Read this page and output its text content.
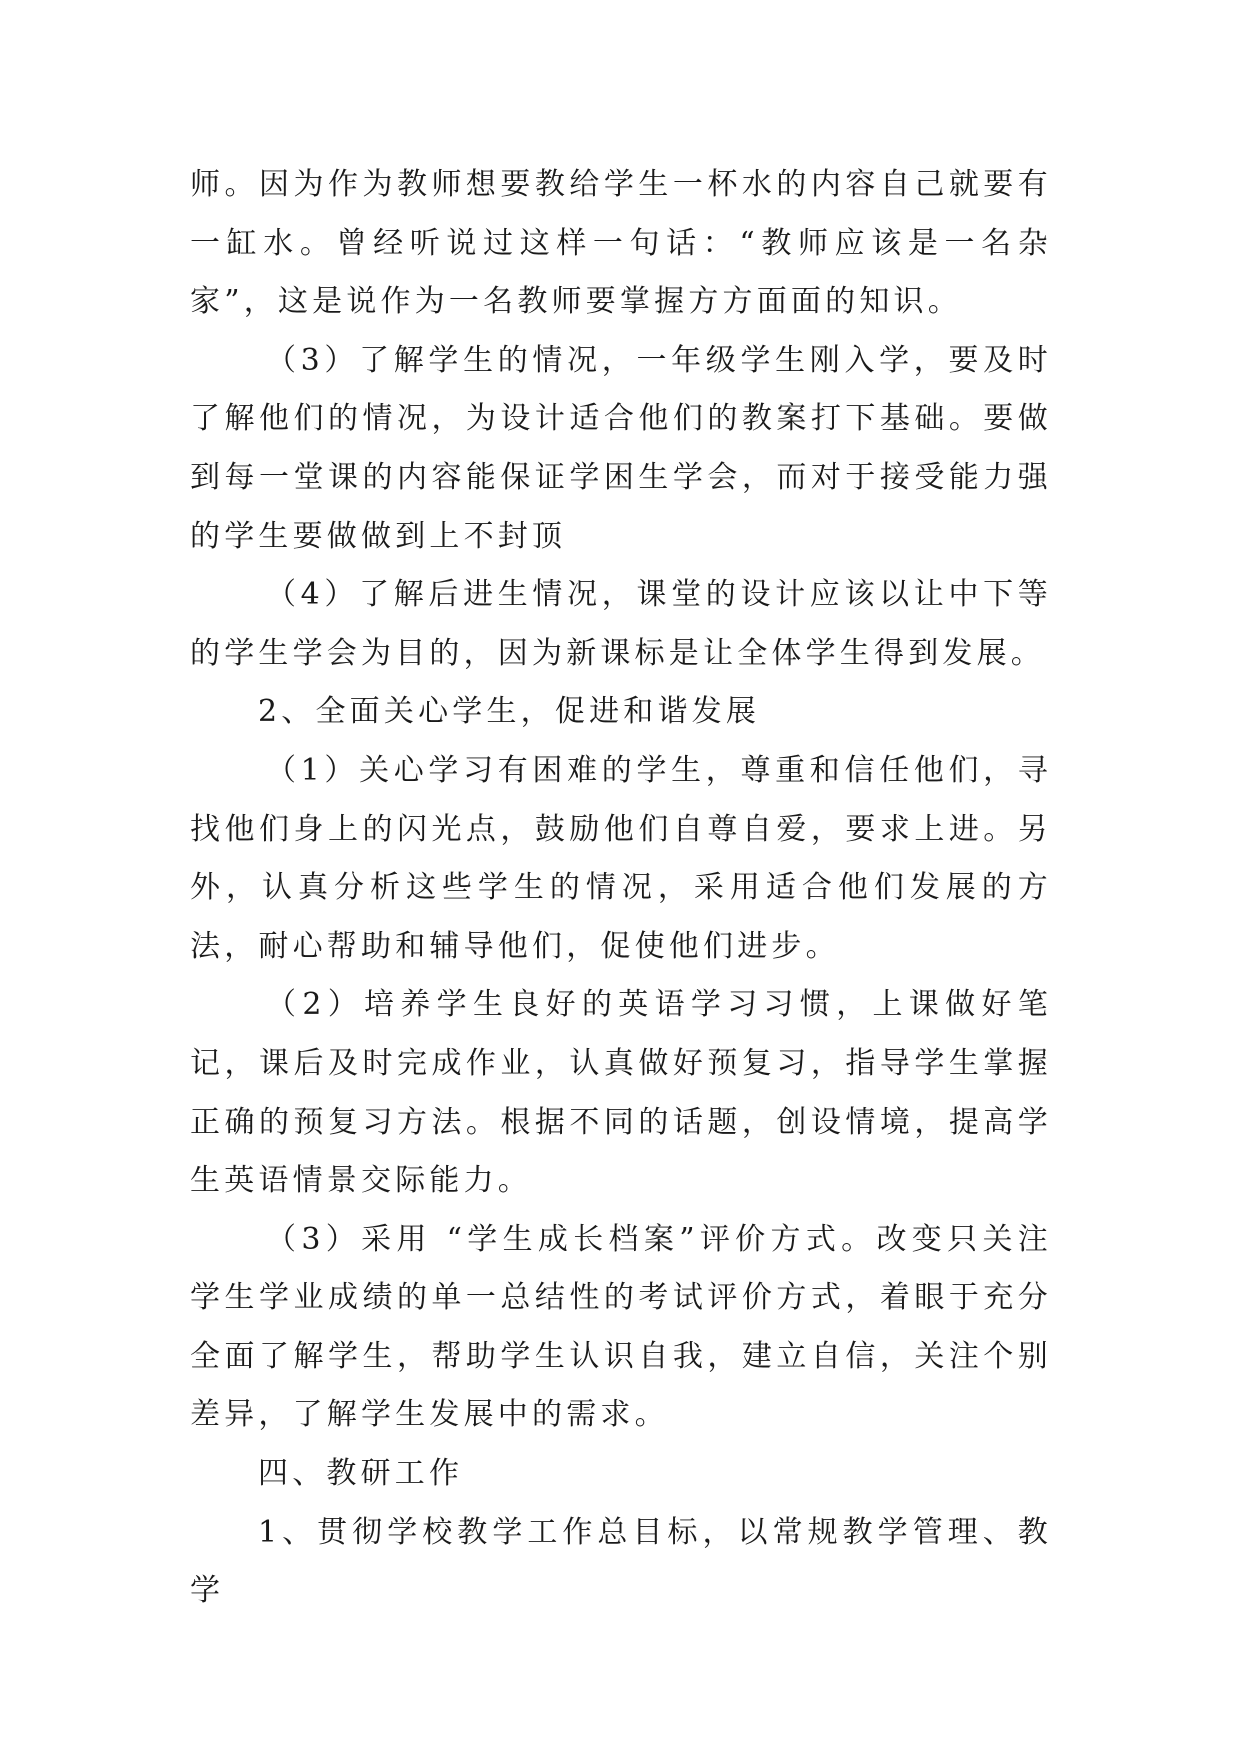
师。因为作为教师想要教给学生一杯水的内容自己就要有一缸水。曾经听说过这样一句话：“教师应该是一名杂家”，这是说作为一名教师要掌握方方面面的知识。

（3）了解学生的情况，一年级学生刚入学，要及时了解他们的情况，为设计适合他们的教案打下基础。要做到每一堂课的内容能保证学困生学会，而对于接受能力强的学生要做做到上不封顶

（4）了解后进生情况，课堂的设计应该以让中下等的学生学会为目的，因为新课标是让全体学生得到发展。

2、全面关心学生，促进和谐发展

（1）关心学习有困难的学生，尊重和信任他们，寻找他们身上的闪光点，鼓励他们自尊自爱，要求上进。另外，认真分析这些学生的情况，采用适合他们发展的方法，耐心帮助和辅导他们，促使他们进步。

（2）培养学生良好的英语学习习惯，上课做好笔记，课后及时完成作业，认真做好预复习，指导学生掌握正确的预复习方法。根据不同的话题，创设情境，提高学生英语情景交际能力。

（3）采用 “学生成长档案”评价方式。改变只关注学生学业成绩的单一总结性的考试评价方式，着眼于充分全面了解学生，帮助学生认识自我，建立自信，关注个别差异，了解学生发展中的需求。

四、教研工作

1、贯彻学校教学工作总目标，以常规教学管理、教学
